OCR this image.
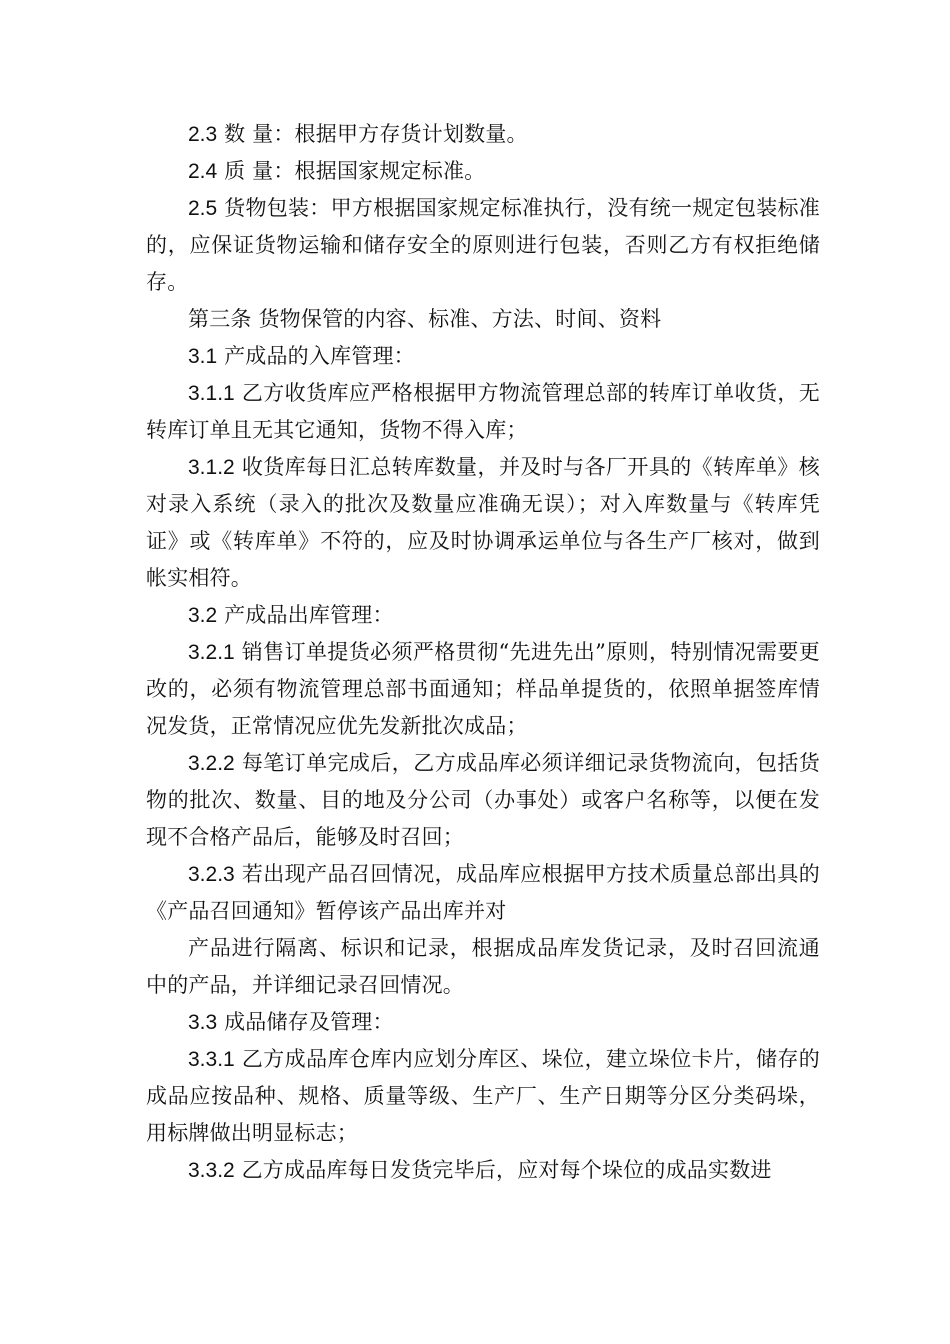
2.3 数 量：根据甲方存货计划数量。

2.4 质 量：根据国家规定标准。

2.5 货物包装：甲方根据国家规定标准执行，没有统一规定包装标准的，应保证货物运输和储存安全的原则进行包装，否则乙方有权拒绝储存。

第三条 货物保管的内容、标准、方法、时间、资料

3.1 产成品的入库管理：

3.1.1 乙方收货库应严格根据甲方物流管理总部的转库订单收货，无转库订单且无其它通知，货物不得入库；

3.1.2 收货库每日汇总转库数量，并及时与各厂开具的《转库单》核对录入系统（录入的批次及数量应准确无误）；对入库数量与《转库凭证》或《转库单》不符的，应及时协调承运单位与各生产厂核对，做到帐实相符。

3.2 产成品出库管理：

3.2.1 销售订单提货必须严格贯彻“先进先出”原则，特别情况需要更改的，必须有物流管理总部书面通知；样品单提货的，依照单据签库情况发货，正常情况应优先发新批次成品；

3.2.2 每笔订单完成后，乙方成品库必须详细记录货物流向，包括货物的批次、数量、目的地及分公司（办事处）或客户名称等，以便在发现不合格产品后，能够及时召回；

3.2.3 若出现产品召回情况，成品库应根据甲方技术质量总部出具的《产品召回通知》暂停该产品出库并对

产品进行隔离、标识和记录，根据成品库发货记录，及时召回流通中的产品，并详细记录召回情况。

3.3 成品储存及管理：

3.3.1 乙方成品库仓库内应划分库区、垛位，建立垛位卡片，储存的成品应按品种、规格、质量等级、生产厂、生产日期等分区分类码垛，用标牌做出明显标志；

3.3.2 乙方成品库每日发货完毕后，应对每个垛位的成品实数进
